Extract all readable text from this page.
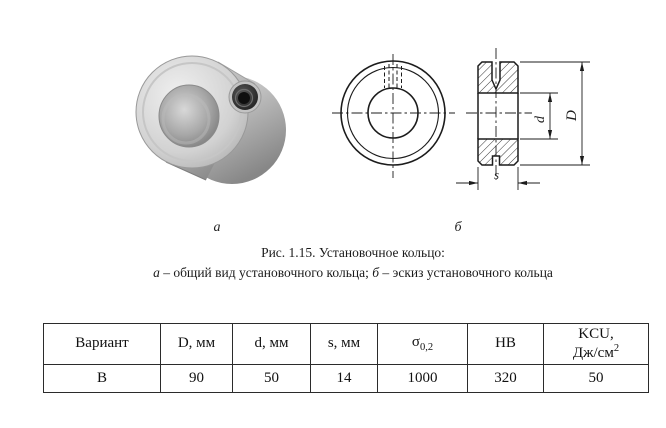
d D
s
а	б
Рис. 1.15. Установочное кольцо:
а – общий вид установочного кольца; б – эскиз установочного кольца
Вариант	D, мм	d, мм	s, мм	$\sigma_{0,2}$	НВ	KCU,
$Дж/см^2$
В	90	50	14	1000	320	50
